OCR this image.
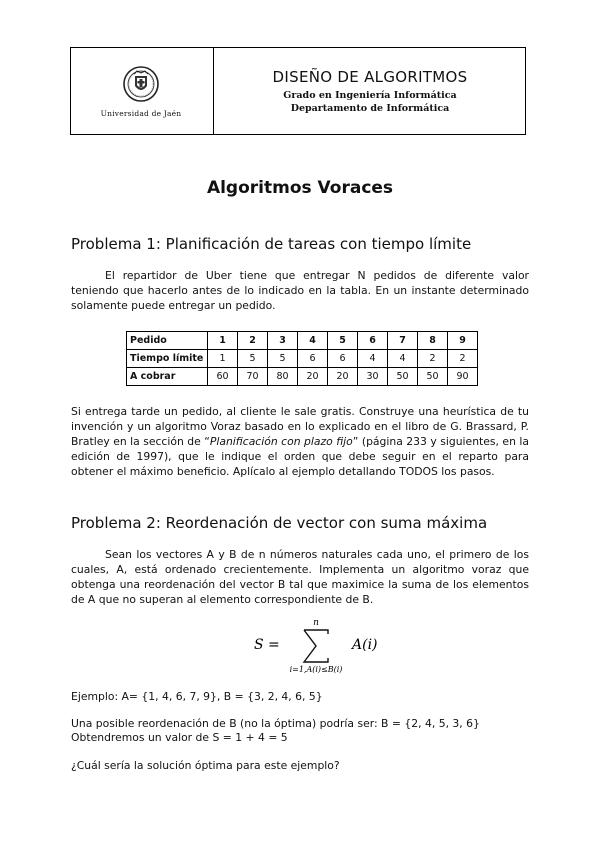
Universidad de Jaén
DISEÑO DE ALGORITMOS
Grado en Ingeniería Informática
Departamento de Informática
Algoritmos Voraces
Problema 1: Planificación de tareas con tiempo límite
El repartidor de Uber tiene que entregar N pedidos de diferente valor teniendo que hacerlo antes de lo indicado en la tabla. En un instante determinado solamente puede entregar un pedido.
Pedido	1	2	3	4	5	6	7	8	9
Tiempo límite	1	5	5	6	6	4	4	2	2
A cobrar	60	70	80	20	20	30	50	50	90
Si entrega tarde un pedido, al cliente le sale gratis. Construye una heurística de tu invención y un algoritmo Voraz basado en lo explicado en el libro de G. Brassard, P. Bratley en la sección de “Planificación con plazo fijo” (página 233 y siguientes, en la edición de 1997), que le indique el orden que debe seguir en el reparto para obtener el máximo beneficio. Aplícalo al ejemplo detallando TODOS los pasos.
Problema 2: Reordenación de vector con suma máxima
Sean los vectores A y B de n números naturales cada uno, el primero de los cuales, A, está ordenado crecientemente. Implementa un algoritmo voraz que obtenga una reordenación del vector B tal que maximice la suma de los elementos de A que no superan al elemento correspondiente de B.
S =
n
i=1,A(i)≤B(i)
A(i)
Ejemplo: A= {1, 4, 6, 7, 9}, B = {3, 2, 4, 6, 5}
Una posible reordenación de B (no la óptima) podría ser: B = {2, 4, 5, 3, 6}
Obtendremos un valor de S = 1 + 4 = 5
¿Cuál sería la solución óptima para este ejemplo?
